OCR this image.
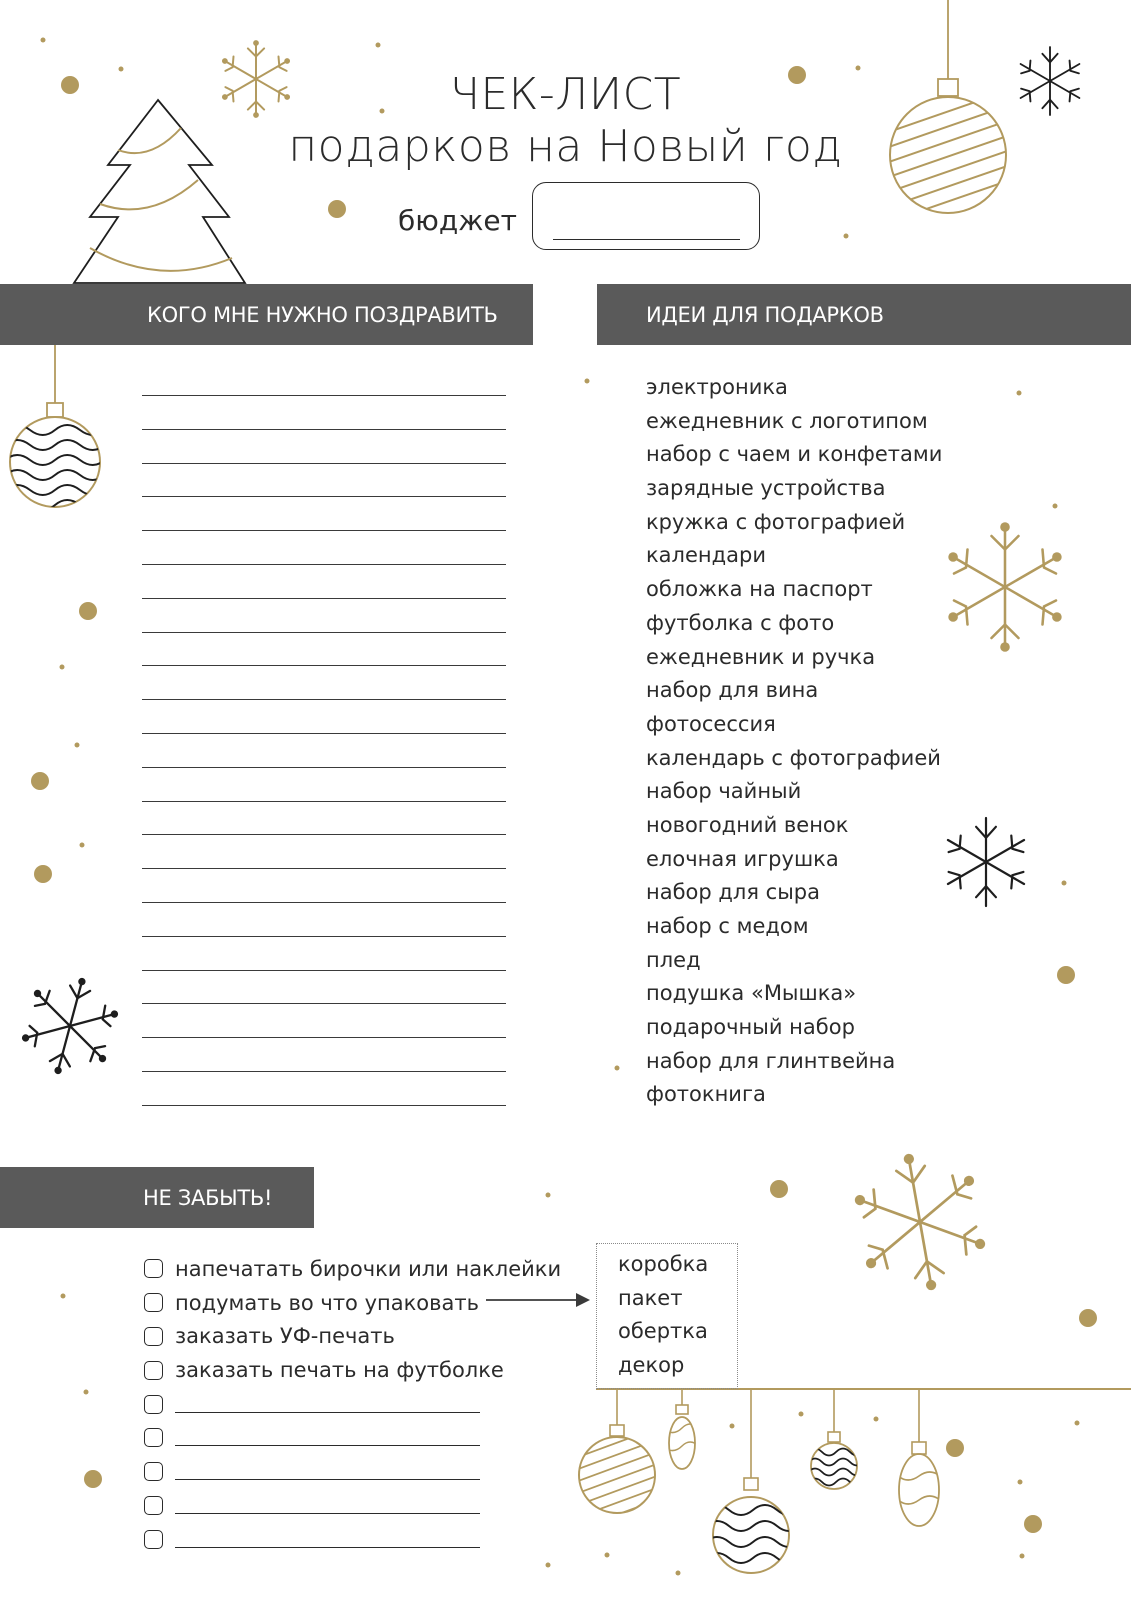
ЧЕК-ЛИСТ
подарков на Новый год
бюджет
КОГО МНЕ НУЖНО ПОЗДРАВИТЬ	ИДЕИ ДЛЯ ПОДАРКОВ
НЕ ЗАБЫТЬ!
электроника
ежедневник с логотипом
набор с чаем и конфетами
зарядные устройства
кружка с фотографией
календари
обложка на паспорт
футболка с фото
ежедневник и ручка
набор для вина
фотосессия
календарь с фотографией
набор чайный
новогодний венок
елочная игрушка
набор для сыра
набор с медом
плед
подушка «Мышка»
подарочный набор
набор для глинтвейна
фотокнига
напечатать бирочки или наклейки
подумать во что упаковать
заказать УФ-печать
заказать печать на футболке
коробка
пакет
обертка
декор
